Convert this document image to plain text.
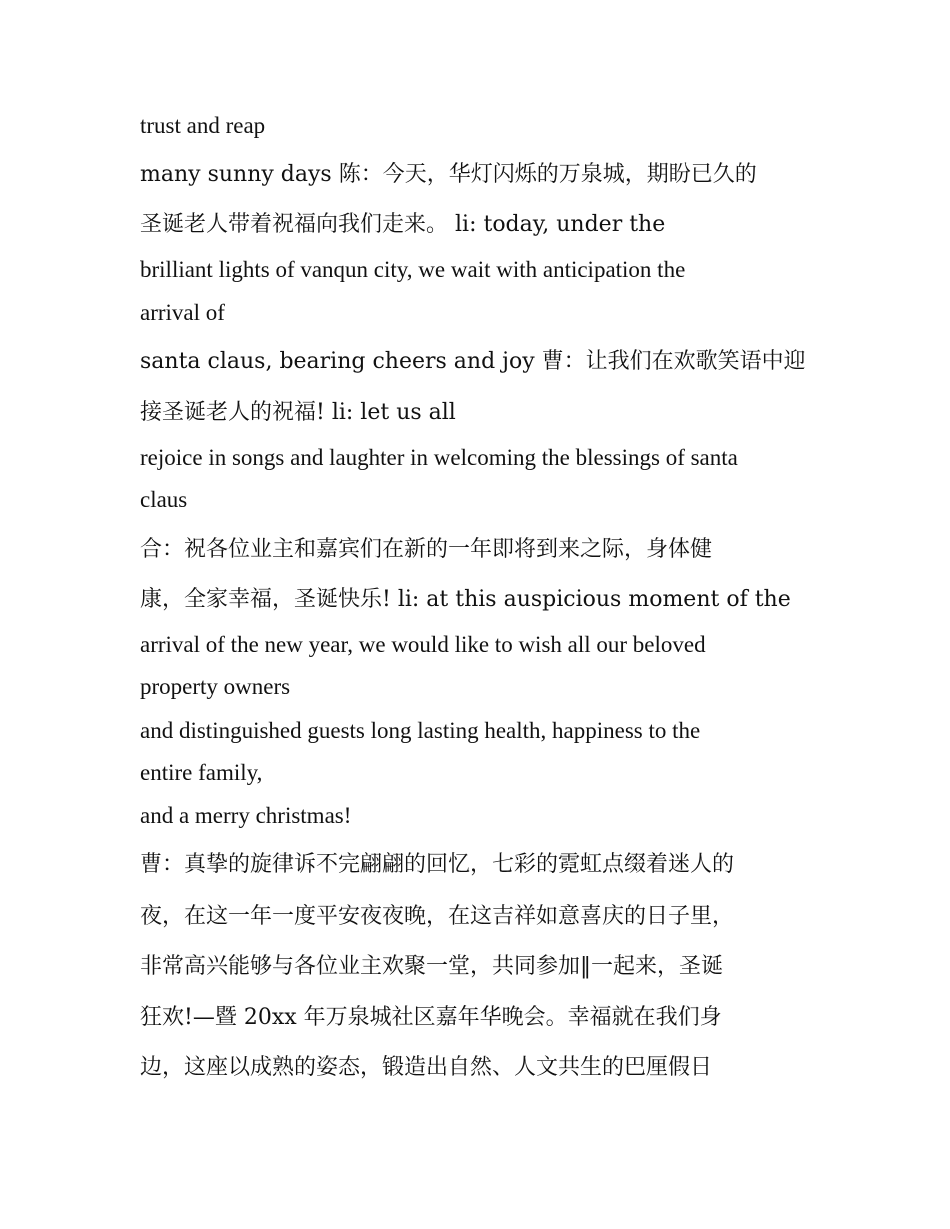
trust and reap

many sunny days 陈：今天，华灯闪烁的万泉城，期盼已久的

圣诞老人带着祝福向我们走来。 li: today, under the

brilliant lights of vanqun city, we wait with anticipation the

arrival of

santa claus, bearing cheers and joy 曹：让我们在欢歌笑语中迎

接圣诞老人的祝福! li: let us all

rejoice in songs and laughter in welcoming the blessings of santa

claus

合：祝各位业主和嘉宾们在新的一年即将到来之际，身体健

康，全家幸福，圣诞快乐! li: at this auspicious moment of the

arrival of the new year, we would like to wish all our beloved

property owners

and distinguished guests long lasting health, happiness to the

entire family,

and a merry christmas!

曹：真挚的旋律诉不完翩翩的回忆，七彩的霓虹点缀着迷人的

夜，在这一年一度平安夜夜晚，在这吉祥如意喜庆的日子里，

非常高兴能够与各位业主欢聚一堂，共同参加‖一起来，圣诞

狂欢!—暨 20xx 年万泉城社区嘉年华晚会。幸福就在我们身

边，这座以成熟的姿态，锻造出自然、人文共生的巴厘假日
